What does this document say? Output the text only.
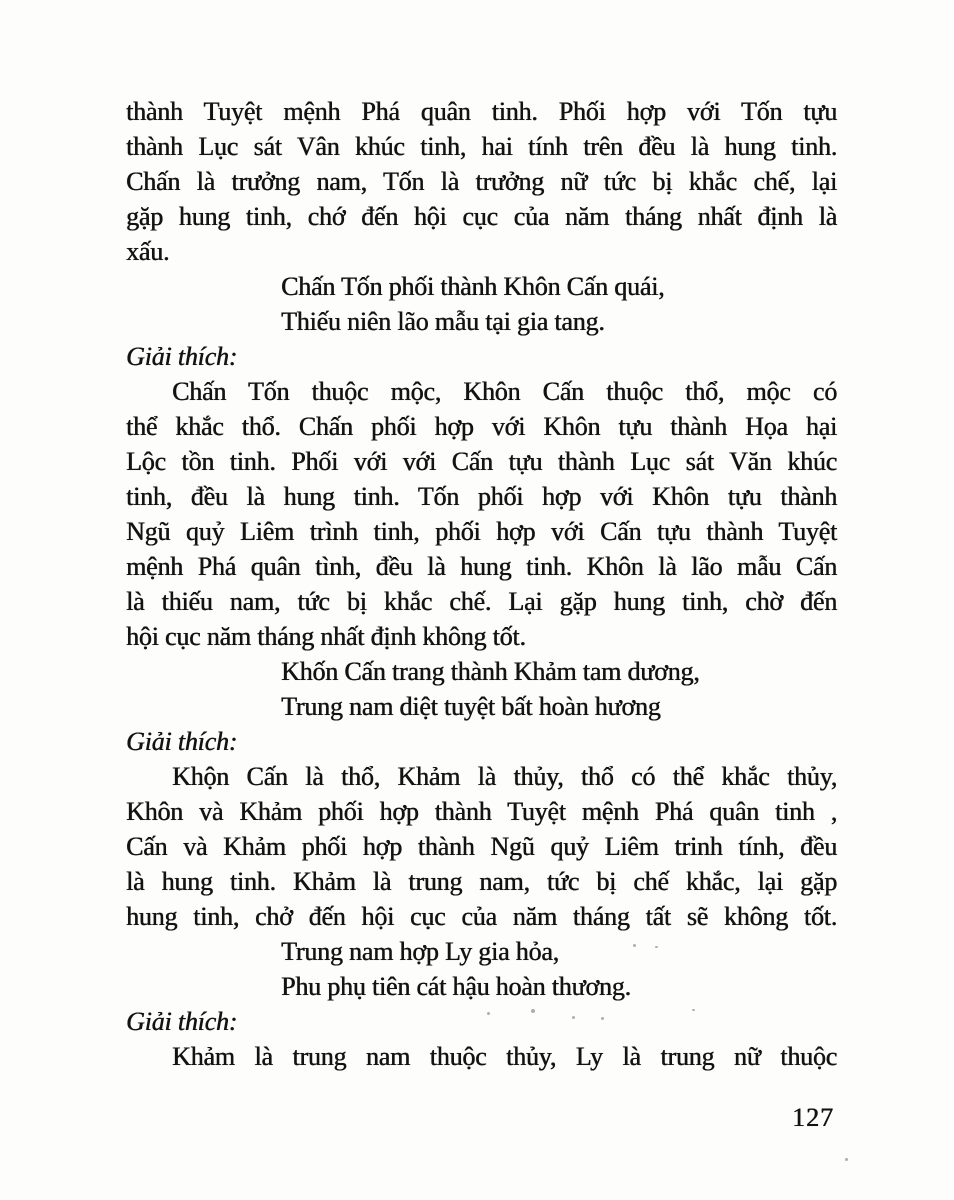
thành Tuyệt mệnh Phá quân tinh. Phối hợp với Tốn tựu
thành Lục sát Vân khúc tinh, hai tính trên đều là hung tinh.
Chấn là trưởng nam, Tốn là trưởng nữ tức bị khắc chế, lại
gặp hung tinh, chớ đến hội cục của năm tháng nhất định là
xấu.
Chấn Tốn phối thành Khôn Cấn quái,
Thiếu niên lão mẫu tại gia tang.
Giải thích:
Chấn Tốn thuộc mộc, Khôn Cấn thuộc thổ, mộc có
thể khắc thổ. Chấn phối hợp với Khôn tựu thành Họa hại
Lộc tồn tinh. Phối với với Cấn tựu thành Lục sát Văn khúc
tinh, đều là hung tinh. Tốn phối hợp với Khôn tựu thành
Ngũ quỷ Liêm trình tinh, phối hợp với Cấn tựu thành Tuyệt
mệnh Phá quân tình, đều là hung tinh. Khôn là lão mẫu Cấn
là thiếu nam, tức bị khắc chế. Lại gặp hung tinh, chờ đến
hội cục năm tháng nhất định không tốt.
Khốn Cấn trang thành Khảm tam dương,
Trung nam diệt tuyệt bất hoàn hương
Giải thích:
Khộn Cấn là thổ, Khảm là thủy, thổ có thể khắc thủy,
Khôn và Khảm phối hợp thành Tuyệt mệnh Phá quân tinh ,
Cấn và Khảm phối hợp thành Ngũ quỷ Liêm trinh tính, đều
là hung tinh. Khảm là trung nam, tức bị chế khắc, lại gặp
hung tinh, chở đến hội cục của năm tháng tất sẽ không tốt.
Trung nam hợp Ly gia hỏa,
Phu phụ tiên cát hậu hoàn thương.
Giải thích:
Khảm là trung nam thuộc thủy, Ly là trung nữ thuộc
127
